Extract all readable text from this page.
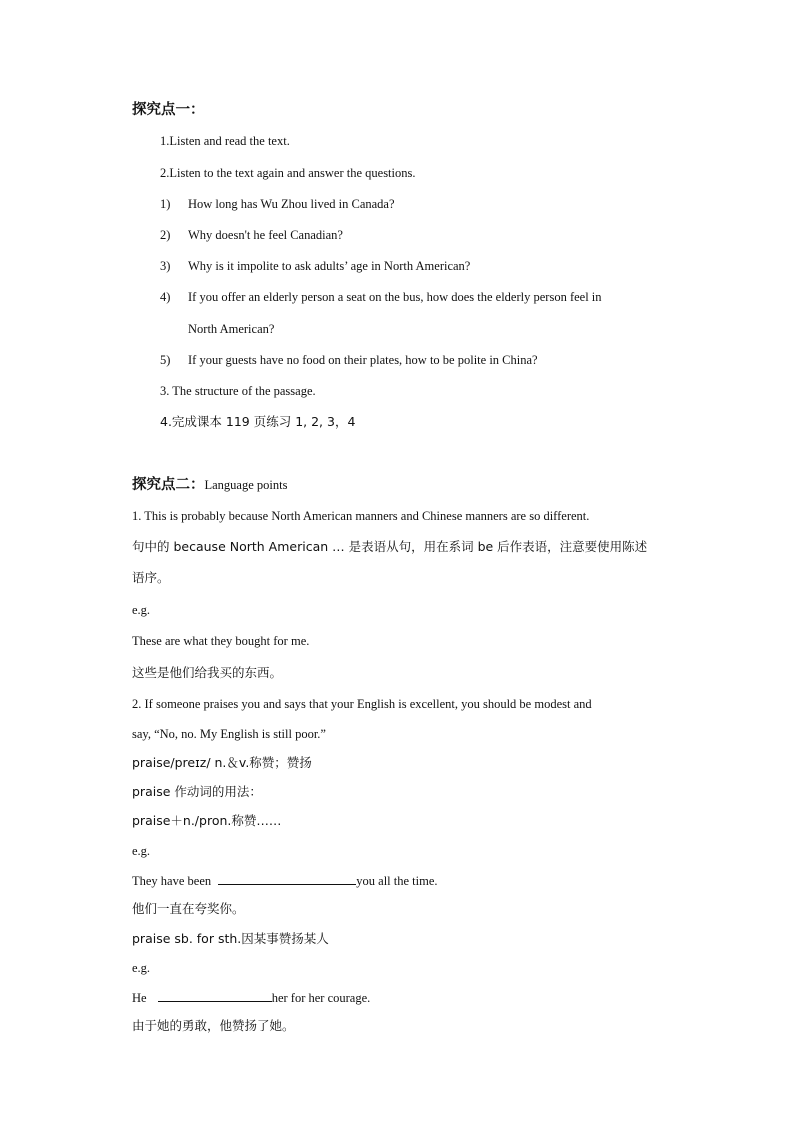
探究点一：
1.Listen and read the text.
2.Listen to the text again and answer the questions.
1) How long has Wu Zhou lived in Canada?
2) Why doesn't he feel Canadian?
3) Why is it impolite to ask adults’ age in North American?
4) If you offer an elderly person a seat on the bus, how does the elderly person feel in
North American?
5) If your guests have no food on their plates, how to be polite in China?
3. The structure of the passage.
4.完成课本 119 页练习 1, 2, 3，4
探究点二：Language points
1. This is probably because North American manners and Chinese manners are so different.
句中的 because North American … 是表语从句，用在系词 be 后作表语，注意要使用陈述
语序。
e.g.
These are what they bought for me.
这些是他们给我买的东西。
2. If someone praises you and says that your English is excellent, you should be modest and
say, “No, no. My English is still poor.”
praise/preɪz/ n.＆v.称赞；赞扬
praise 作动词的用法：
praise＋n./pron.称赞……
e.g.
They have been	you all the time.
他们一直在夸奖你。
praise sb. for sth.因某事赞扬某人
e.g.
He	her for her courage.
由于她的勇敢，他赞扬了她。
